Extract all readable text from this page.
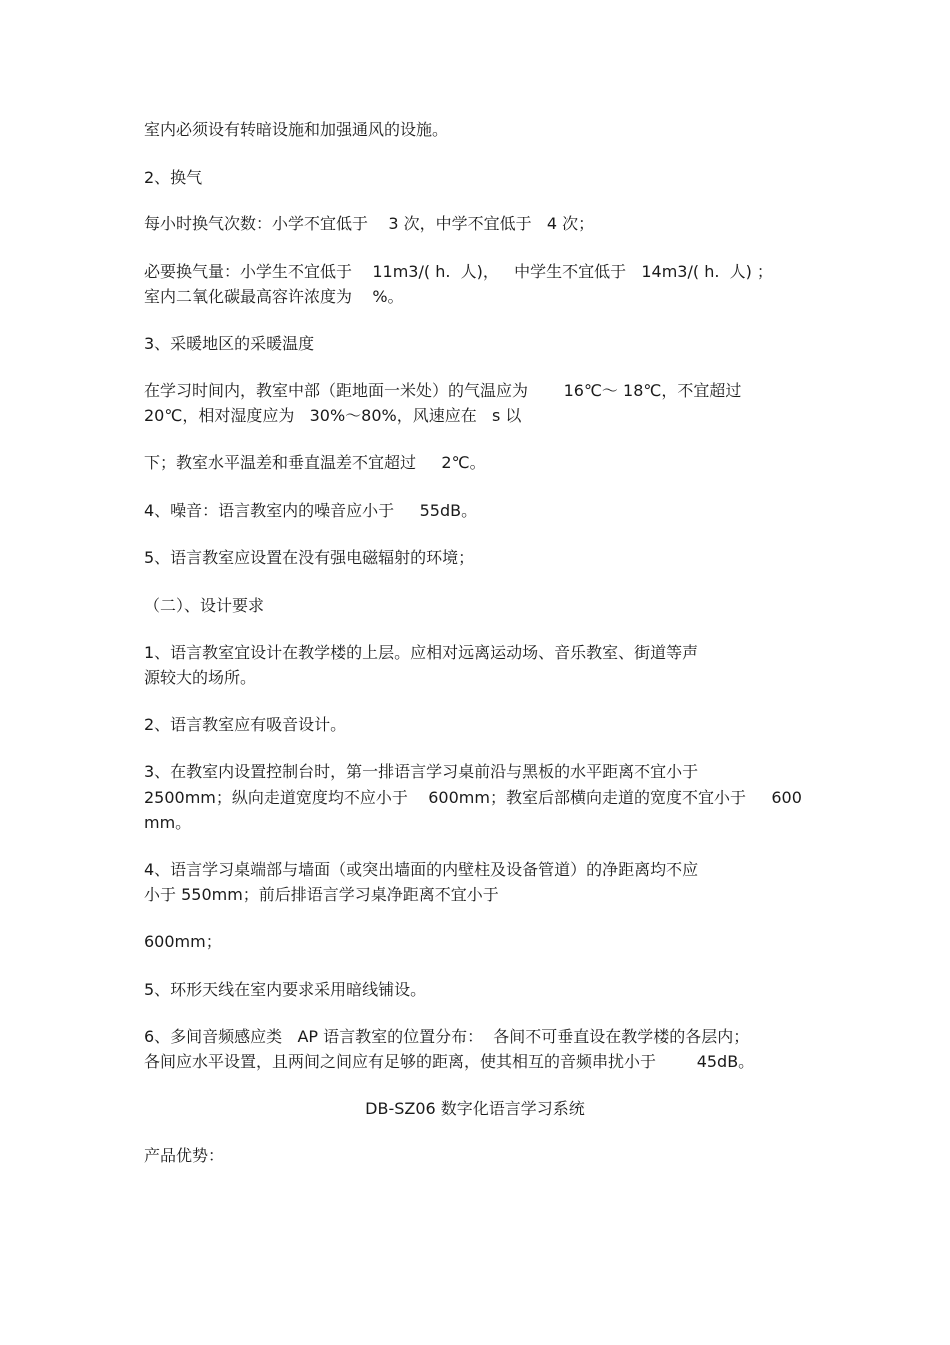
室内必须设有转暗设施和加强通风的设施。
2、换气
每小时换气次数：小学不宜低于    3 次，中学不宜低于   4 次；
必要换气量：小学生不宜低于    11m3/( h.  人)，   中学生不宜低于   14m3/( h.  人) ；
室内二氧化碳最高容许浓度为    %。
3、采暖地区的采暖温度
在学习时间内，教室中部（距地面一米处）的气温应为       16℃～ 18℃，不宜超过
20℃，相对湿度应为   30%～80%，风速应在   s 以
下；教室水平温差和垂直温差不宜超过     2℃。
4、噪音：语言教室内的噪音应小于     55dB。
5、语言教室应设置在没有强电磁辐射的环境；
（二）、设计要求
1、语言教室宜设计在教学楼的上层。应相对远离运动场、音乐教室、街道等声
源较大的场所。
2、语言教室应有吸音设计。
3、在教室内设置控制台时，第一排语言学习桌前沿与黑板的水平距离不宜小于
2500mm；纵向走道宽度均不应小于    600mm；教室后部横向走道的宽度不宜小于     600
mm。
4、语言学习桌端部与墙面（或突出墙面的内壁柱及设备管道）的净距离均不应
小于 550mm；前后排语言学习桌净距离不宜小于
600mm；
5、环形天线在室内要求采用暗线铺设。
6、多间音频感应类   AP 语言教室的位置分布：  各间不可垂直设在教学楼的各层内；
各间应水平设置，且两间之间应有足够的距离，使其相互的音频串扰小于        45dB。
DB-SZ06 数字化语言学习系统
产品优势：
